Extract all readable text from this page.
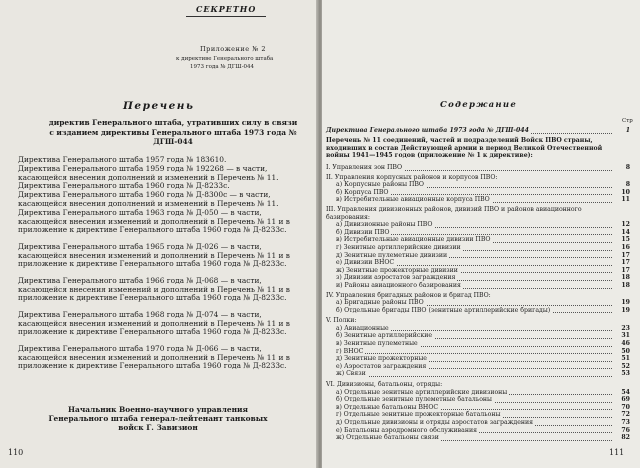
СЕКРЕТНО
Приложение № 2
к директиве Генерального штаба
1973 года № ДГШ-044
Перечень
директив Генерального штаба, утративших силу в связи с изданием директивы Генерального штаба 1973 года № ДГШ-044
Директива Генерального штаба 1957 года № 183610.
Директива Генерального штаба 1959 года № 192268 — в части, касающейся внесения дополнений и изменений в Перечень № 11.
Директива Генерального штаба 1960 года № Д-8233с.
Директива Генерального штаба 1960 года № Д-8300с — в части, касающейся внесения дополнений и изменений в Перечень № 11.
Директива Генерального штаба 1963 года № Д-050 — в части, касающейся внесения изменений и дополнений в Перечень № 11 и в приложение к директиве Генерального штаба 1960 года № Д-8233с.
Директива Генерального штаба 1965 года № Д-026 — в части, касающейся внесения изменений и дополнений в Перечень № 11 и в приложение к директиве Генерального штаба 1960 года № Д-8233с.
Директива Генерального штаба 1966 года № Д-068 — в части, касающейся внесения изменений и дополнений в Перечень № 11 и в приложение к директиве Генерального штаба 1960 года № Д-8233с.
Директива Генерального штаба 1968 года № Д-074 — в части, касающейся внесения изменений и дополнений в Перечень № 11 и в приложение к директиве Генерального штаба 1960 года № Д-8233с.
Директива Генерального штаба 1970 года № Д-066 — в части, касающейся внесения изменений и дополнений в Перечень № 11 и в приложение к директиве Генерального штаба 1960 года № Д-8233с.
Начальник Военно-научного управления Генерального штаба генерал-лейтенант танковых войск Г. Завизион
110
Содержание
Стр
Директива Генерального штаба 1973 года № ДГШ-044	1
Перечень № 11 соединений, частей и подразделений Войск ПВО страны, входивших в состав Действующей армии в период Великой Отечественной войны 1941—1945 годов (приложение № 1 к директиве):
I. Управления зон ПВО	8
II. Управления корпусных районов и корпусов ПВО:
а) Корпусные районы ПВО	8
б) Корпуса ПВО	10
в) Истребительные авиационные корпуса ПВО	11
III. Управления дивизионных районов, дивизий ПВО и районов авиационного базирования:
а) Дивизионные районы ПВО	12
б) Дивизии ПВО	14
в) Истребительные авиационные дивизии ПВО	15
г) Зенитные артиллерийские дивизии	16
д) Зенитные пулеметные дивизии	17
е) Дивизии ВНОС	17
ж) Зенитные прожекторные дивизии	17
з) Дивизии аэростатов заграждения	18
и) Районы авиационного базирования	18
IV. Управления бригадных районов и бригад ПВО:
а) Бригадные районы ПВО	19
б) Отдельные бригады ПВО (зенитные артиллерийские бригады)	19
V. Полки:
а) Авиационные	23
б) Зенитные артиллерийские	31
в) Зенитные пулеметные	46
г) ВНОС	50
д) Зенитные прожекторные	51
е) Аэростатов заграждения	52
ж) Связи	53
VI. Дивизионы, батальоны, отряды:
а) Отдельные зенитные артиллерийские дивизионы	54
б) Отдельные зенитные пулеметные батальоны	69
в) Отдельные батальоны ВНОС	70
г) Отдельные зенитные прожекторные батальоны	72
д) Отдельные дивизионы и отряды аэростатов заграждения	73
е) Батальоны аэродромного обслуживания	76
ж) Отдельные батальоны связи	82
111
